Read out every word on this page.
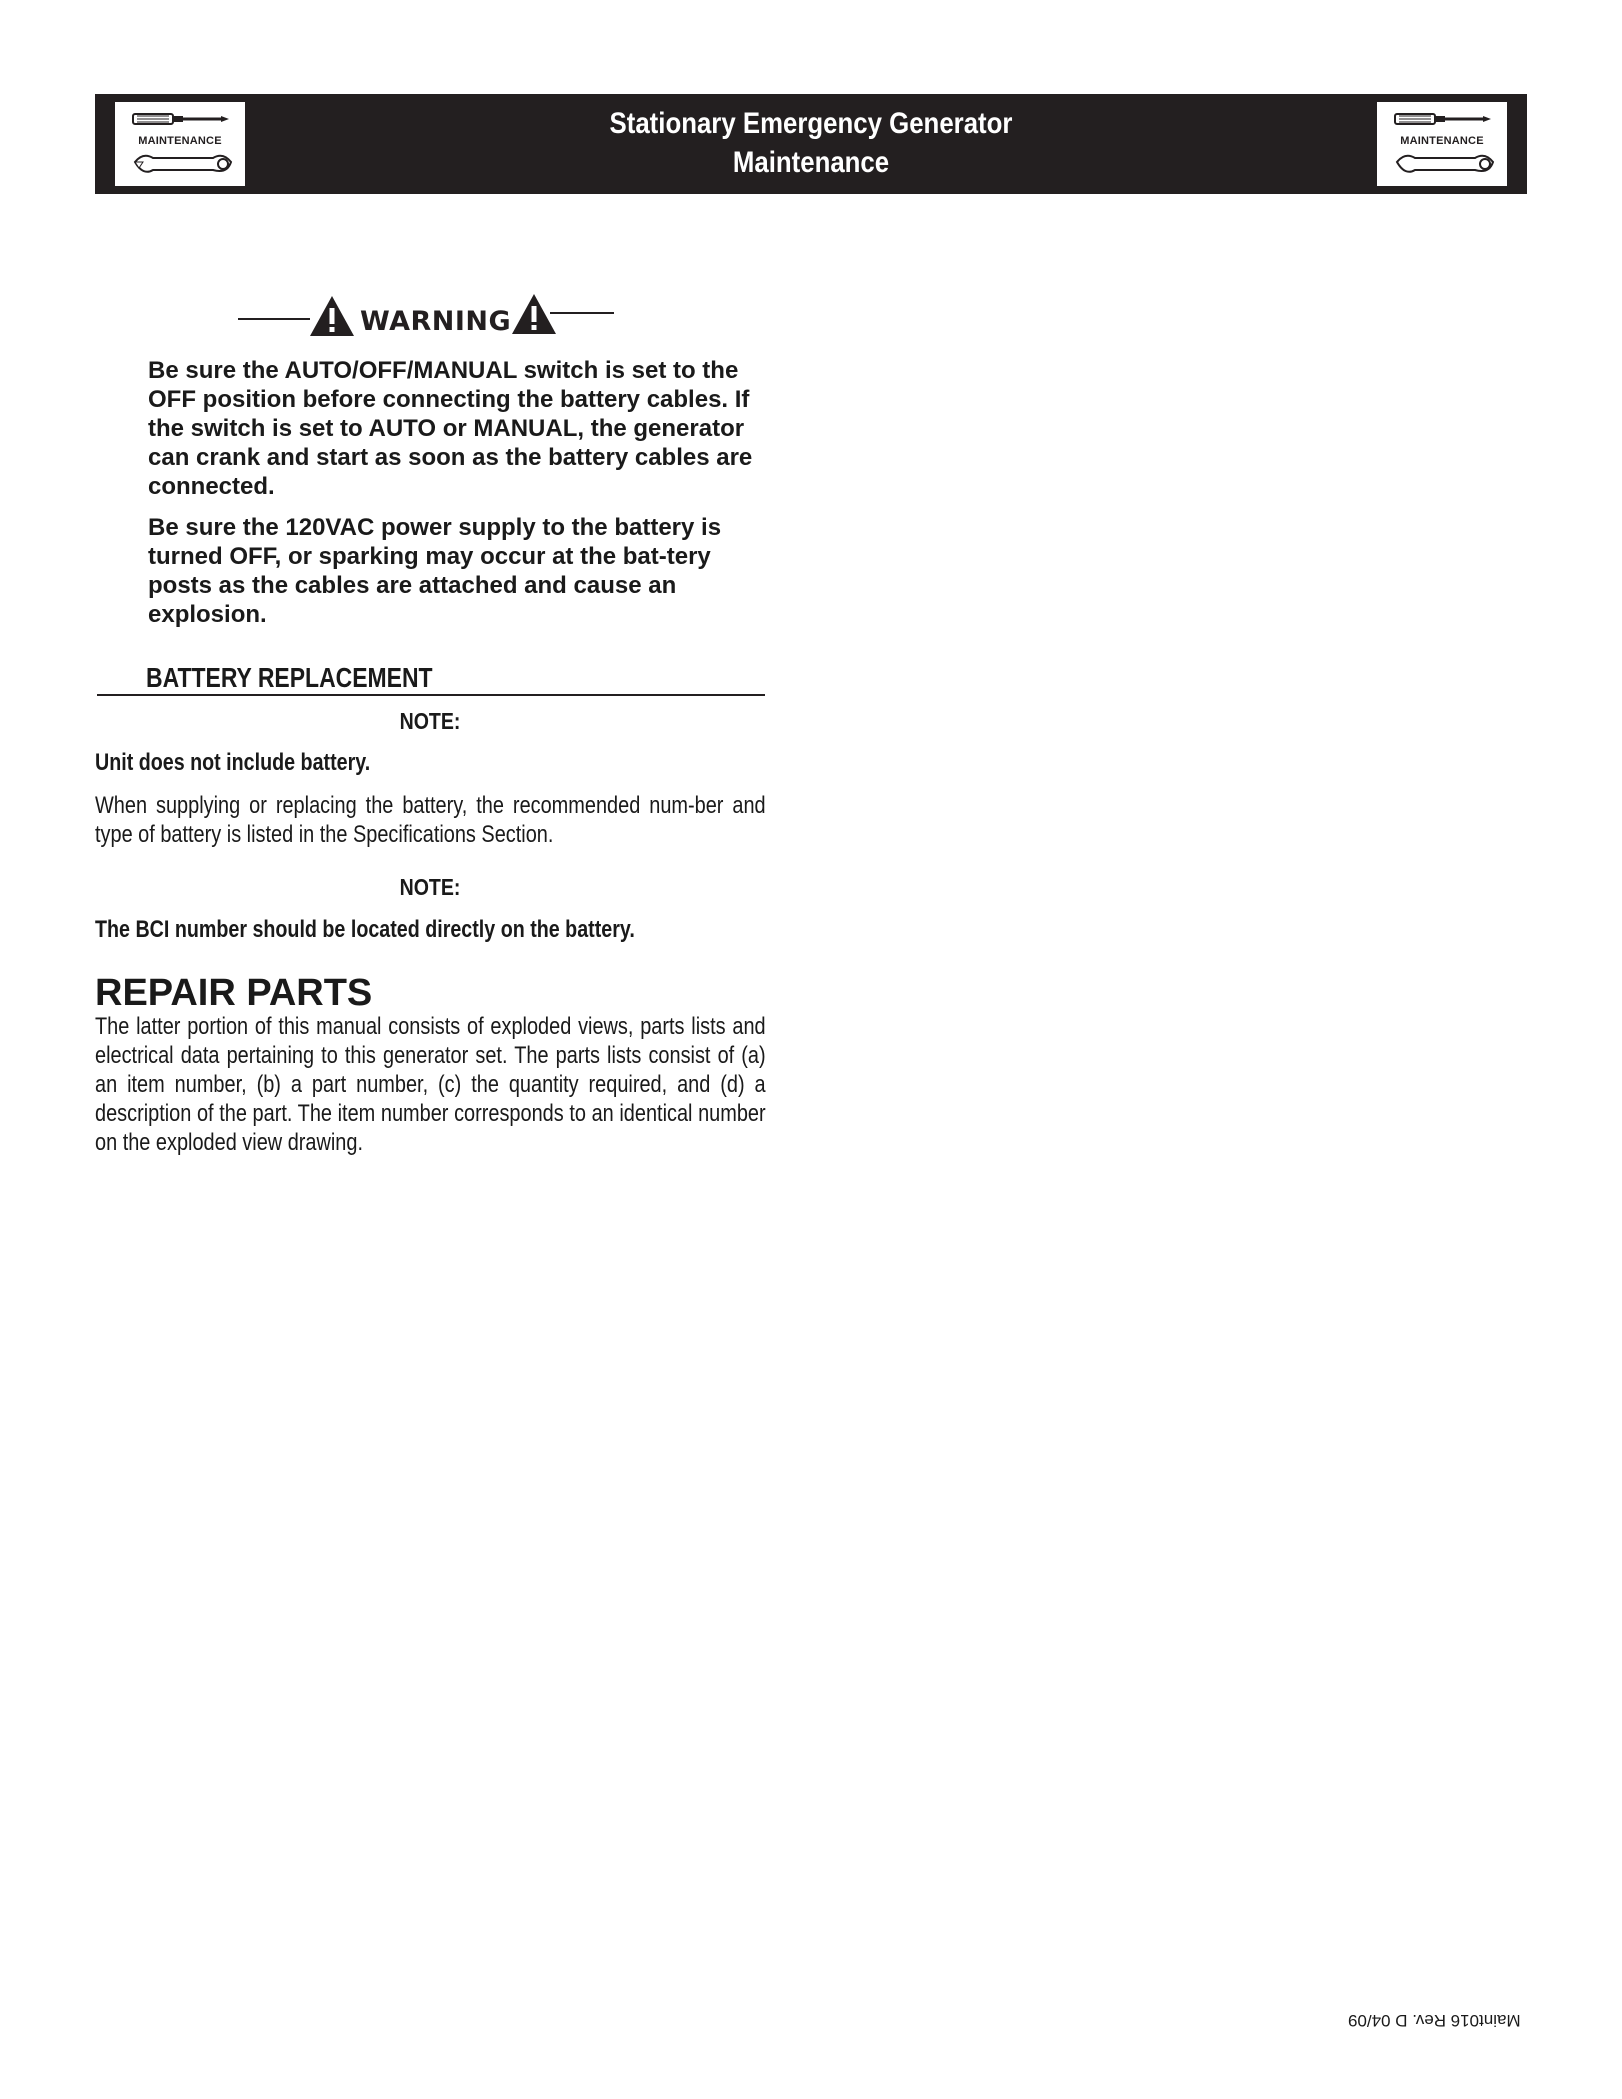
MAINTENANCE
Stationary Emergency Generator
Maintenance
MAINTENANCE
WARNING

Be sure the AUTO/OFF/MANUAL switch is set to the OFF position before connecting the battery cables. If the switch is set to AUTO or MANUAL, the generator can crank and start as soon as the battery cables are connected.

Be sure the 120VAC power supply to the battery is turned OFF, or sparking may occur at the bat-tery posts as the cables are attached and cause an explosion.

BATTERY REPLACEMENT
NOTE:
Unit does not include battery.

When supplying or replacing the battery, the recommended num-ber and type of battery is listed in the Specifications Section.

NOTE:
The BCI number should be located directly on the battery.
REPAIR PARTS

The latter portion of this manual consists of exploded views, parts lists and electrical data pertaining to this generator set. The parts lists consist of (a) an item number, (b) a part number, (c) the quantity required, and (d) a description of the part. The item number corresponds to an identical number on the exploded view drawing.

Maint016 Rev. D 04/09
